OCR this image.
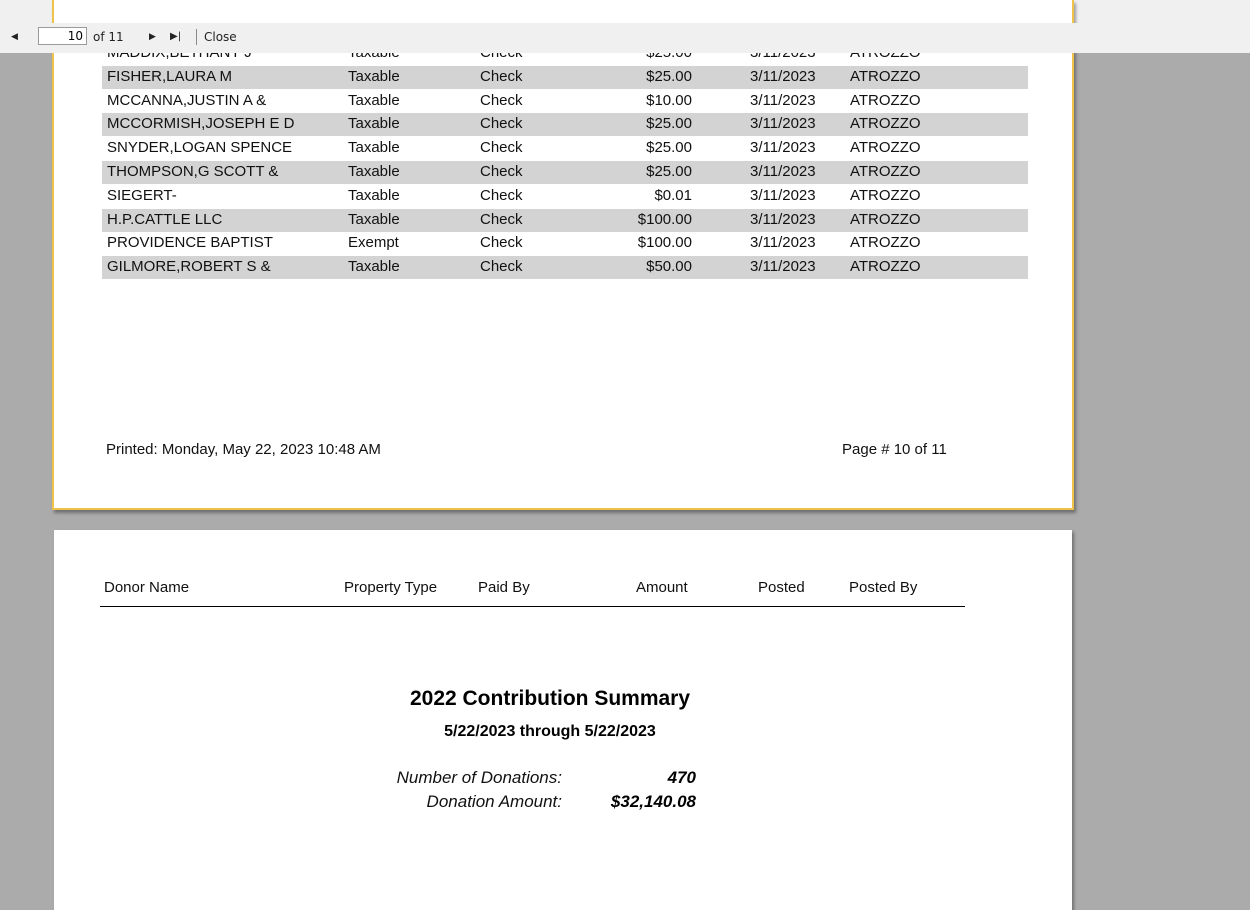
◀
10	of 11	▶ ▶| Close
FISHER,LAURA M	Taxable	Check	$25.00	3/11/2023 ATROZZO
MCCANNA,JUSTIN A &	Taxable	Check	$10.00	3/11/2023 ATROZZO
MCCORMISH,JOSEPH E D	Taxable	Check	$25.00	3/11/2023 ATROZZO
SNYDER,LOGAN SPENCE	Taxable	Check	$25.00	3/11/2023 ATROZZO
THOMPSON,G SCOTT &	Taxable	Check	$25.00	3/11/2023 ATROZZO
SIEGERT-	Taxable	Check	$0.01	3/11/2023 ATROZZO
H.P.CATTLE LLC	Taxable	Check	$100.00	3/11/2023 ATROZZO
PROVIDENCE BAPTIST	Exempt	Check	$100.00	3/11/2023 ATROZZO
GILMORE,ROBERT S &	Taxable	Check	$50.00	3/11/2023 ATROZZO
Printed: Monday, May 22, 2023 10:48 AM	Page # 10 of 11
Donor Name	Property Type	Paid By	Amount	Posted	Posted By
2022 Contribution Summary
5/22/2023 through 5/22/2023
Number of Donations:	470
Donation Amount:	$32,140.08
